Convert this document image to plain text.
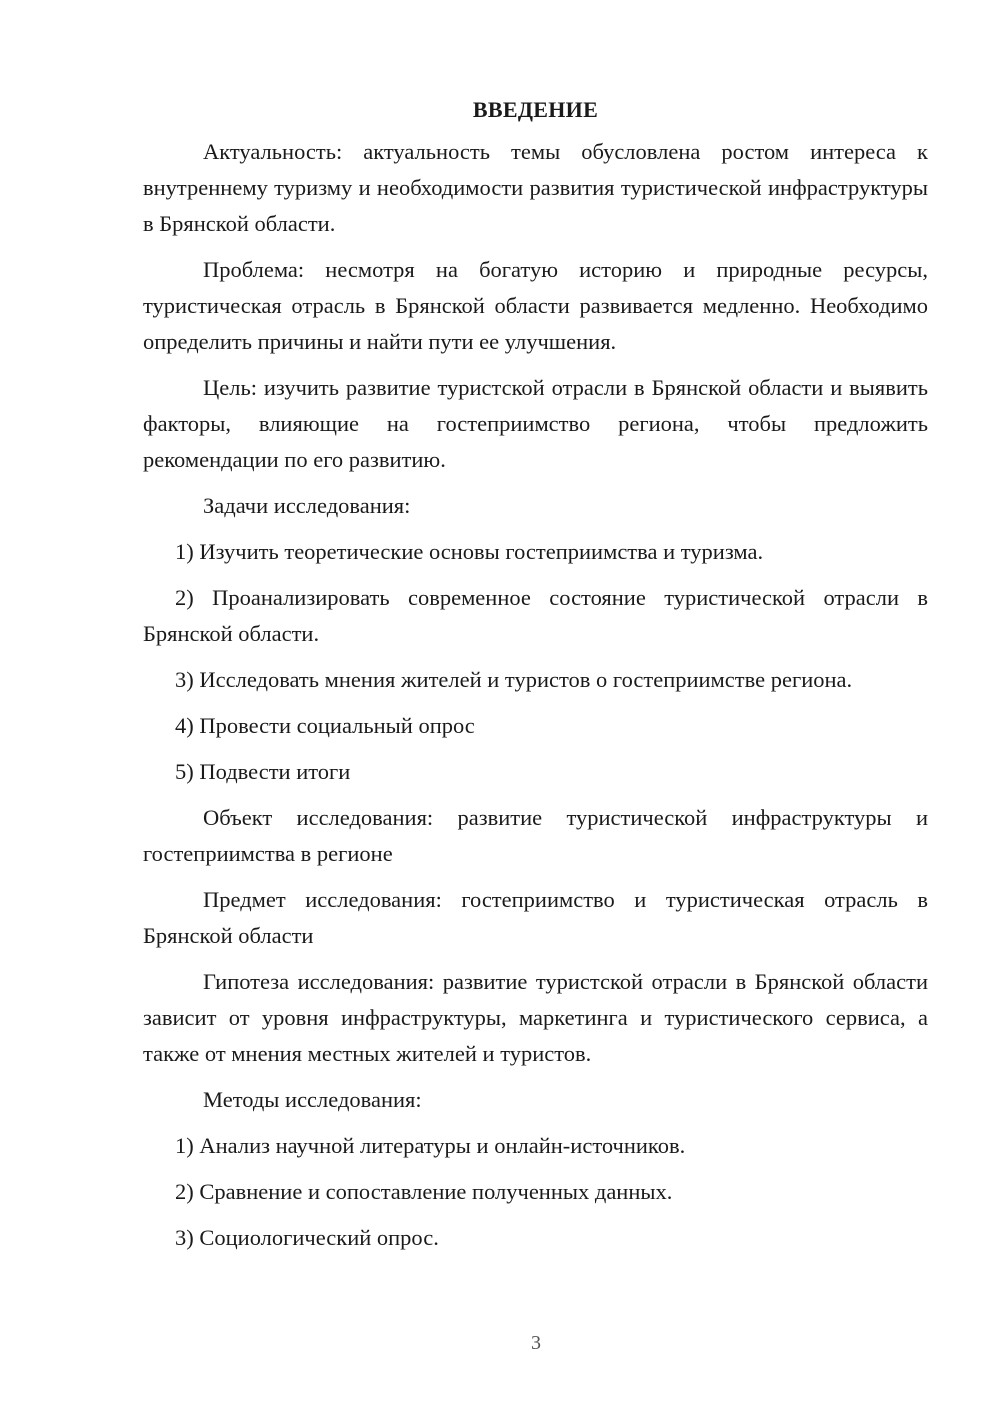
ВВЕДЕНИЕ

Актуальность: актуальность темы обусловлена ростом интереса к внутреннему туризму и необходимости развития туристической инфраструктуры в Брянской области.

Проблема: несмотря на богатую историю и природные ресурсы, туристическая отрасль в Брянской области развивается медленно. Необходимо определить причины и найти пути ее улучшения.

Цель: изучить развитие туристской отрасли в Брянской области и выявить факторы, влияющие на гостеприимство региона, чтобы предложить рекомендации по его развитию.

Задачи исследования:

1) Изучить теоретические основы гостеприимства и туризма.

2) Проанализировать современное состояние туристической отрасли в Брянской области.

3) Исследовать мнения жителей и туристов о гостеприимстве региона.

4) Провести социальный опрос

5) Подвести итоги

Объект исследования: развитие туристической инфраструктуры и гостеприимства в регионе

Предмет исследования: гостеприимство и туристическая отрасль в Брянской области

Гипотеза исследования: развитие туристской отрасли в Брянской области зависит от уровня инфраструктуры, маркетинга и туристического сервиса, а также от мнения местных жителей и туристов.

Методы исследования:

1) Анализ научной литературы и онлайн-источников.

2) Сравнение и сопоставление полученных данных.

3) Социологический опрос.

3
